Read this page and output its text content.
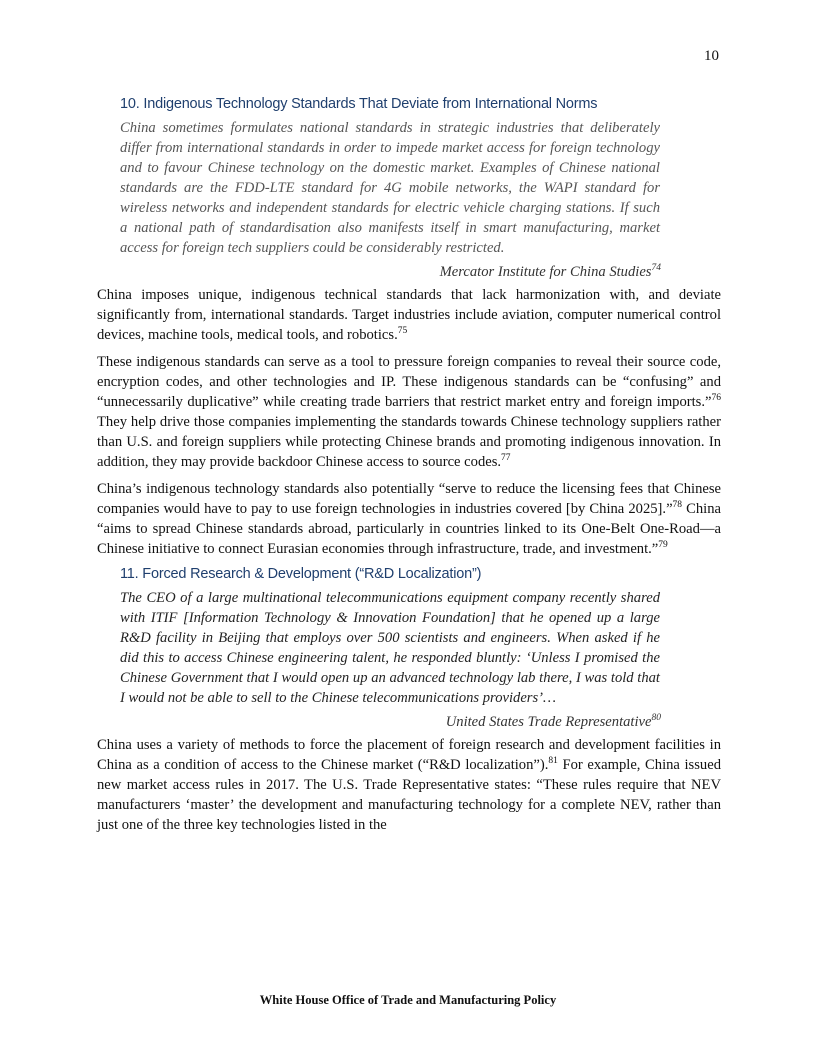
10
10. Indigenous Technology Standards That Deviate from International Norms
China sometimes formulates national standards in strategic industries that deliberately differ from international standards in order to impede market access for foreign technology and to favour Chinese technology on the domestic market. Examples of Chinese national standards are the FDD-LTE standard for 4G mobile networks, the WAPI standard for wireless networks and independent standards for electric vehicle charging stations. If such a national path of standardisation also manifests itself in smart manufacturing, market access for foreign tech suppliers could be considerably restricted.
Mercator Institute for China Studies$^{74}$

China imposes unique, indigenous technical standards that lack harmonization with, and deviate significantly from, international standards. Target industries include aviation, computer numerical control devices, machine tools, medical tools, and robotics.$^{75}$

These indigenous standards can serve as a tool to pressure foreign companies to reveal their source code, encryption codes, and other technologies and IP. These indigenous standards can be “confusing” and “unnecessarily duplicative” while creating trade barriers that restrict market entry and foreign imports.”$^{76}$ They help drive those companies implementing the standards towards Chinese technology suppliers rather than U.S. and foreign suppliers while protecting Chinese brands and promoting indigenous innovation. In addition, they may provide backdoor Chinese access to source codes.$^{77}$

China’s indigenous technology standards also potentially “serve to reduce the licensing fees that Chinese companies would have to pay to use foreign technologies in industries covered [by China 2025].”$^{78}$ China “aims to spread Chinese standards abroad, particularly in countries linked to its One-Belt One-Road—a Chinese initiative to connect Eurasian economies through infrastructure, trade, and investment.”$^{79}$

11. Forced Research & Development (“R&D Localization”)
The CEO of a large multinational telecommunications equipment company recently shared with ITIF [Information Technology & Innovation Foundation] that he opened up a large R&D facility in Beijing that employs over 500 scientists and engineers. When asked if he did this to access Chinese engineering talent, he responded bluntly: ‘Unless I promised the Chinese Government that I would open up an advanced technology lab there, I was told that I would not be able to sell to the Chinese telecommunications providers’…
United States Trade Representative$^{80}$

China uses a variety of methods to force the placement of foreign research and development facilities in China as a condition of access to the Chinese market (“R&D localization”).$^{81}$ For example, China issued new market access rules in 2017. The U.S. Trade Representative states: “These rules require that NEV manufacturers ‘master’ the development and manufacturing technology for a complete NEV, rather than just one of the three key technologies listed in the

White House Office of Trade and Manufacturing Policy
